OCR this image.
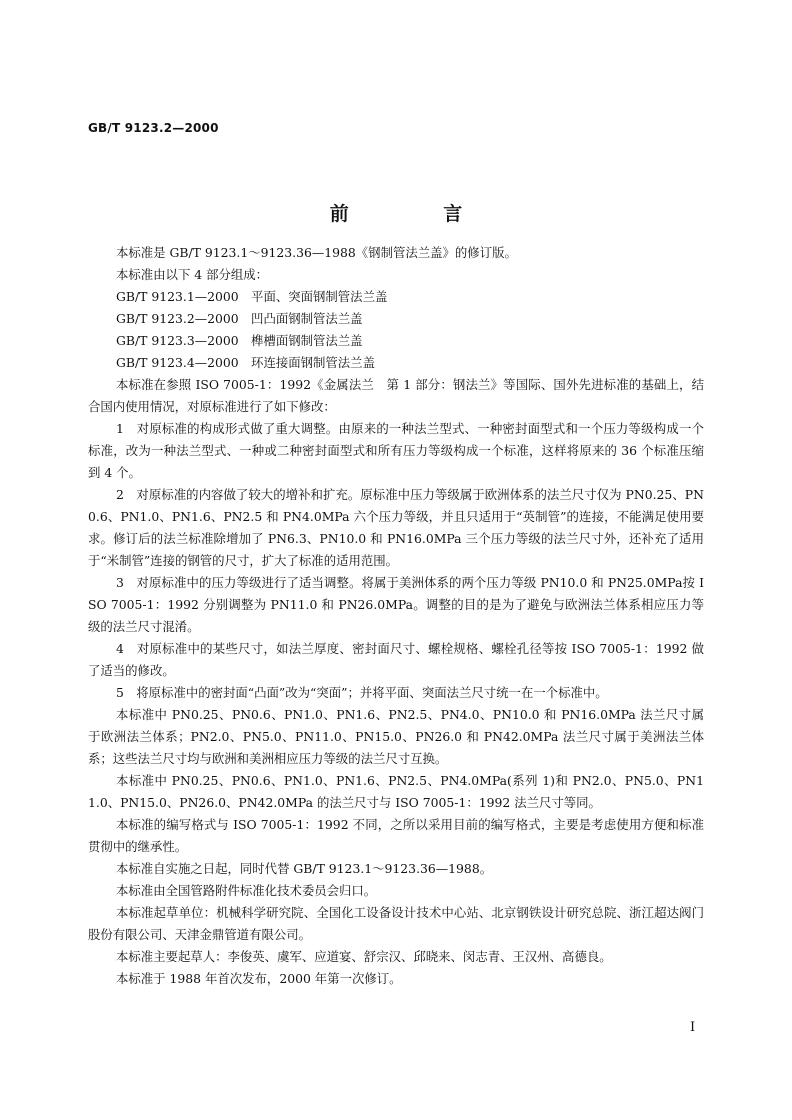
GB/T 9123.2—2000
前 言

本标准是 GB/T 9123.1～9123.36—1988《钢制管法兰盖》的修订版。

本标准由以下 4 部分组成：

GB/T 9123.1—2000　平面、突面钢制管法兰盖

GB/T 9123.2—2000　凹凸面钢制管法兰盖

GB/T 9123.3—2000　榫槽面钢制管法兰盖

GB/T 9123.4—2000　环连接面钢制管法兰盖

本标准在参照 ISO 7005-1：1992《金属法兰　第 1 部分：钢法兰》等国际、国外先进标准的基础上，结合国内使用情况，对原标准进行了如下修改：

1　对原标准的构成形式做了重大调整。由原来的一种法兰型式、一种密封面型式和一个压力等级构成一个标准，改为一种法兰型式、一种或二种密封面型式和所有压力等级构成一个标准，这样将原来的 36 个标准压缩到 4 个。

2　对原标准的内容做了较大的增补和扩充。原标准中压力等级属于欧洲体系的法兰尺寸仅为 PN0.25、PN0.6、PN1.0、PN1.6、PN2.5 和 PN4.0MPa 六个压力等级，并且只适用于“英制管”的连接，不能满足使用要求。修订后的法兰标准除增加了 PN6.3、PN10.0 和 PN16.0MPa 三个压力等级的法兰尺寸外，还补充了适用于“米制管”连接的钢管的尺寸，扩大了标准的适用范围。

3　对原标准中的压力等级进行了适当调整。将属于美洲体系的两个压力等级 PN10.0 和 PN25.0MPa按 ISO 7005-1：1992 分别调整为 PN11.0 和 PN26.0MPa。调整的目的是为了避免与欧洲法兰体系相应压力等级的法兰尺寸混淆。

4　对原标准中的某些尺寸，如法兰厚度、密封面尺寸、螺栓规格、螺栓孔径等按 ISO 7005-1：1992 做了适当的修改。

5　将原标准中的密封面“凸面”改为“突面”；并将平面、突面法兰尺寸统一在一个标准中。

本标准中 PN0.25、PN0.6、PN1.0、PN1.6、PN2.5、PN4.0、PN10.0 和 PN16.0MPa 法兰尺寸属于欧洲法兰体系；PN2.0、PN5.0、PN11.0、PN15.0、PN26.0 和 PN42.0MPa 法兰尺寸属于美洲法兰体系；这些法兰尺寸均与欧洲和美洲相应压力等级的法兰尺寸互换。

本标准中 PN0.25、PN0.6、PN1.0、PN1.6、PN2.5、PN4.0MPa(系列 1)和 PN2.0、PN5.0、PN11.0、PN15.0、PN26.0、PN42.0MPa 的法兰尺寸与 ISO 7005-1：1992 法兰尺寸等同。

本标准的编写格式与 ISO 7005-1：1992 不同，之所以采用目前的编写格式，主要是考虑使用方便和标准贯彻中的继承性。

本标准自实施之日起，同时代替 GB/T 9123.1～9123.36—1988。

本标准由全国管路附件标准化技术委员会归口。

本标准起草单位：机械科学研究院、全国化工设备设计技术中心站、北京钢铁设计研究总院、浙江超达阀门股份有限公司、天津金鼎管道有限公司。

本标准主要起草人：李俊英、虞军、应道宴、舒宗汉、邱晓来、闵志青、王汉州、高德良。

本标准于 1988 年首次发布，2000 年第一次修订。

I
